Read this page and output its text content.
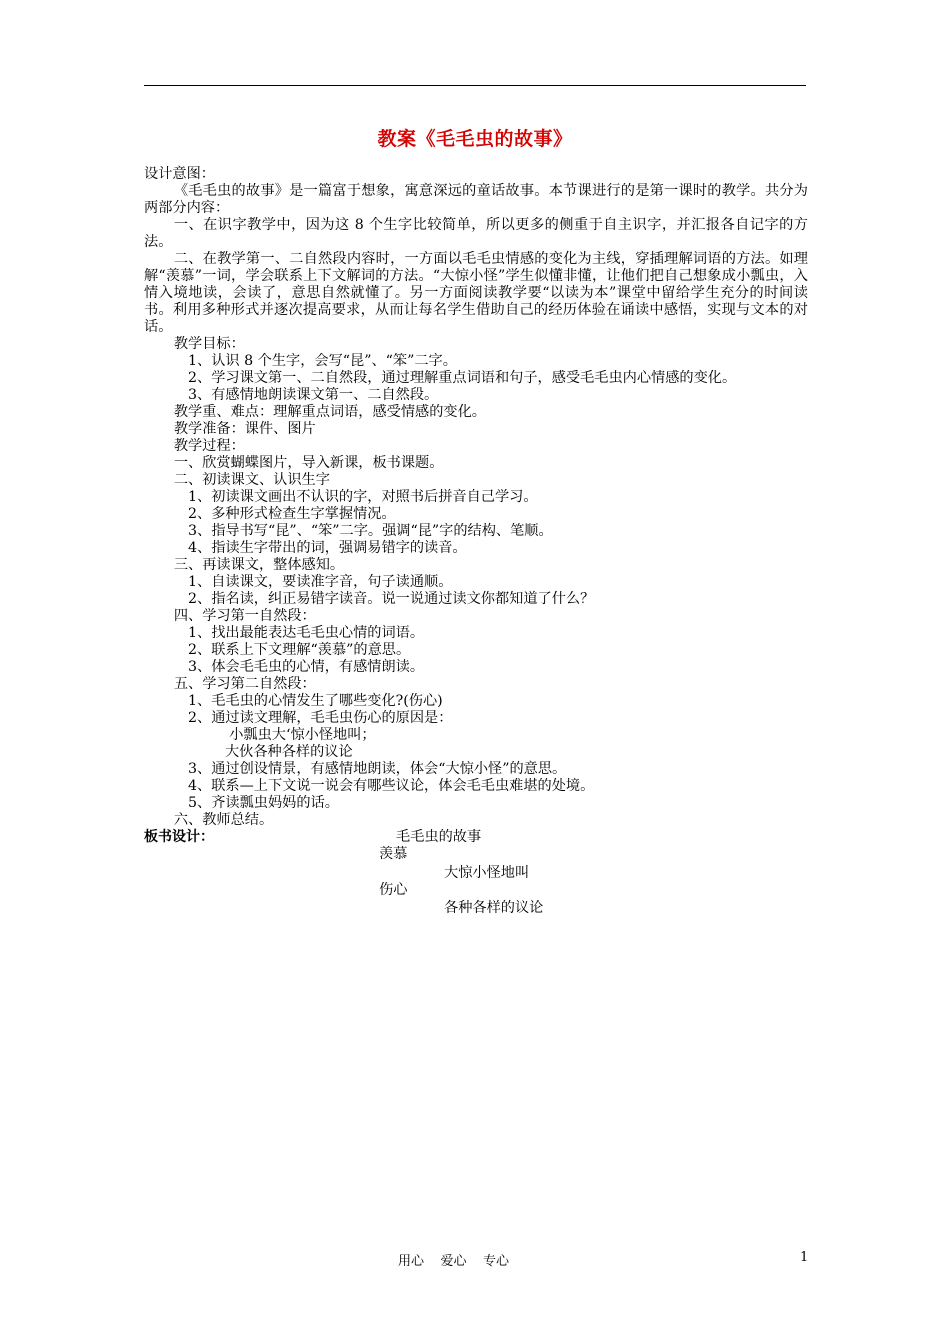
教案《毛毛虫的故事》

设计意图：

《毛毛虫的故事》是一篇富于想象，寓意深远的童话故事。本节课进行的是第一课时的教学。共分为两部分内容：

一、在识字教学中，因为这 8 个生字比较简单，所以更多的侧重于自主识字，并汇报各自记字的方法。

二、在教学第一、二自然段内容时，一方面以毛毛虫情感的变化为主线，穿插理解词语的方法。如理解“羡慕”一词，学会联系上下文解词的方法。“大惊小怪”学生似懂非懂，让他们把自己想象成小瓢虫，入情入境地读，会读了，意思自然就懂了。另一方面阅读教学要“以读为本”课堂中留给学生充分的时间读书。利用多种形式并逐次提高要求，从而让每名学生借助自己的经历体验在诵读中感悟，实现与文本的对话。

教学目标：

1、认识 8 个生字，会写“昆”、“笨”二字。

2、学习课文第一、二自然段，通过理解重点词语和句子，感受毛毛虫内心情感的变化。

3、有感情地朗读课文第一、二自然段。

教学重、难点：理解重点词语，感受情感的变化。

教学准备：课件、图片

教学过程：

一、欣赏蝴蝶图片，导入新课，板书课题。

二、初读课文、认识生字

1、初读课文画出不认识的字，对照书后拼音自己学习。

2、多种形式检查生字掌握情况。

3、指导书写“昆”、“笨”二字。强调“昆”字的结构、笔顺。

4、指读生字带出的词，强调易错字的读音。

三、再读课文，整体感知。

1、自读课文，要读准字音，句子读通顺。

2、指名读，纠正易错字读音。说一说通过读文你都知道了什么？

四、学习第一自然段：

1、找出最能表达毛毛虫心情的词语。

2、联系上下文理解“羡慕”的意思。

3、体会毛毛虫的心情，有感情朗读。

五、学习第二自然段：

1、毛毛虫的心情发生了哪些变化?(伤心)

2、通过读文理解，毛毛虫伤心的原因是：

小瓢虫大‘惊小怪地叫；

大伙各种各样的议论

3、通过创设情景，有感情地朗读，体会“大惊小怪”的意思。

4、联系—上下文说一说会有哪些议论，体会毛毛虫难堪的处境。

5、齐读瓢虫妈妈的话。

六、教师总结。

板书设计：	毛毛虫的故事
羡慕
大惊小怪地叫
伤心
各种各样的议论
用心    爱心    专心	1
